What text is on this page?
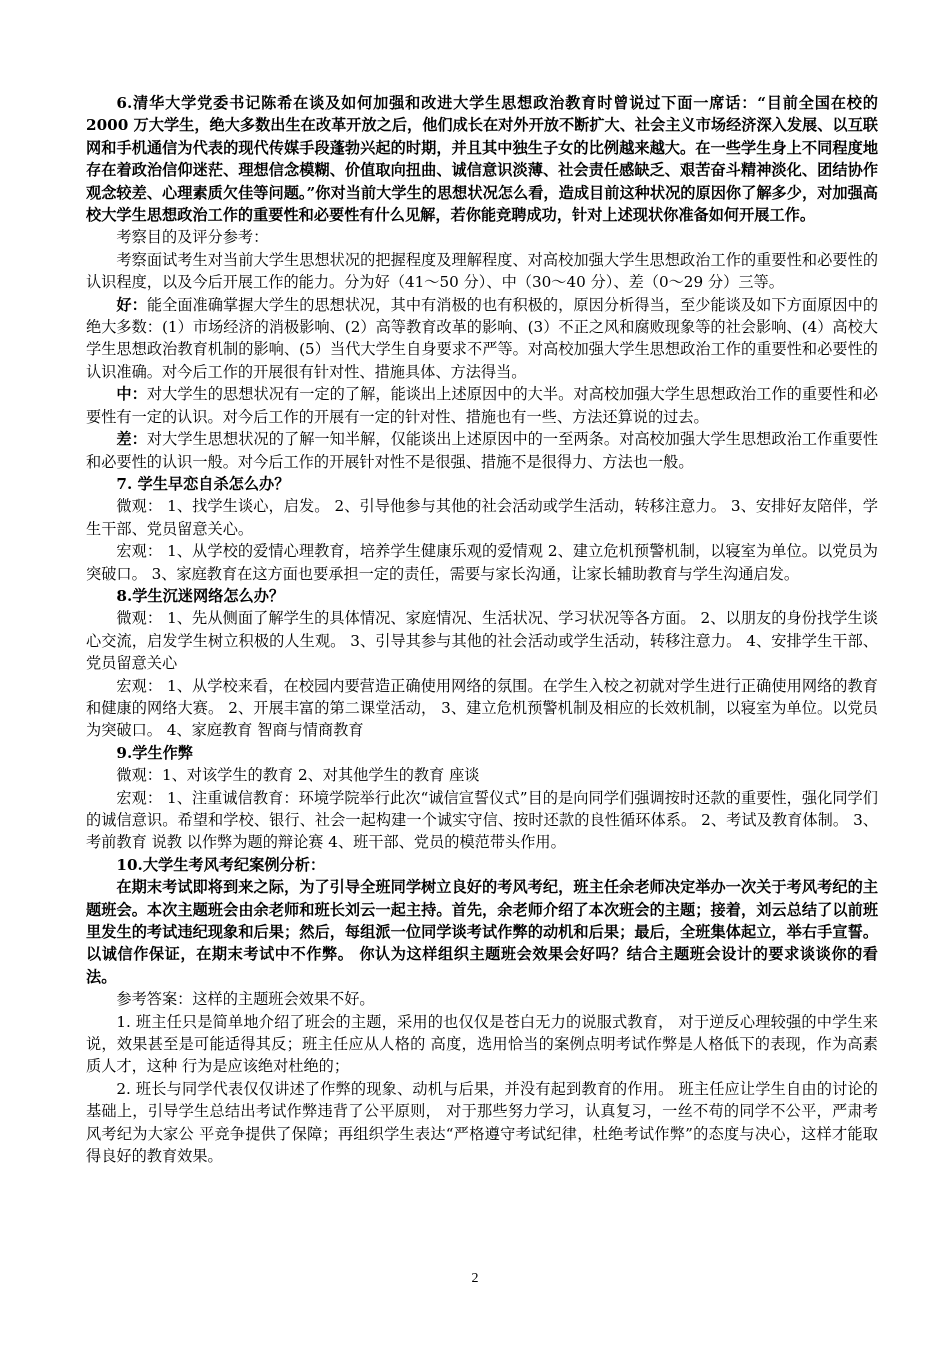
6.清华大学党委书记陈希在谈及如何加强和改进大学生思想政治教育时曾说过下面一席话：“目前全国在校的 2000 万大学生，绝大多数出生在改革开放之后，他们成长在对外开放不断扩大、社会主义市场经济深入发展、以互联网和手机通信为代表的现代传媒手段蓬勃兴起的时期，并且其中独生子女的比例越来越大。在一些学生身上不同程度地存在着政治信仰迷茫、理想信念模糊、价值取向扭曲、诚信意识淡薄、社会责任感缺乏、艰苦奋斗精神淡化、团结协作观念较差、心理素质欠佳等问题。”你对当前大学生的思想状况怎么看，造成目前这种状况的原因你了解多少，对加强高校大学生思想政治工作的重要性和必要性有什么见解，若你能竞聘成功，针对上述现状你准备如何开展工作。

考察目的及评分参考：

考察面试考生对当前大学生思想状况的把握程度及理解程度、对高校加强大学生思想政治工作的重要性和必要性的认识程度，以及今后开展工作的能力。分为好（41～50 分）、中（30～40 分）、差（0～29 分）三等。

好：能全面准确掌握大学生的思想状况，其中有消极的也有积极的，原因分析得当，至少能谈及如下方面原因中的绝大多数：(1）市场经济的消极影响、(2）高等教育改革的影响、(3）不正之风和腐败现象等的社会影响、(4）高校大学生思想政治教育机制的影响、(5）当代大学生自身要求不严等。对高校加强大学生思想政治工作的重要性和必要性的认识准确。对今后工作的开展很有针对性、措施具体、方法得当。

中：对大学生的思想状况有一定的了解，能谈出上述原因中的大半。对高校加强大学生思想政治工作的重要性和必要性有一定的认识。对今后工作的开展有一定的针对性、措施也有一些、方法还算说的过去。

差：对大学生思想状况的了解一知半解，仅能谈出上述原因中的一至两条。对高校加强大学生思想政治工作重要性和必要性的认识一般。对今后工作的开展针对性不是很强、措施不是很得力、方法也一般。

7. 学生早恋自杀怎么办？

微观： 1、找学生谈心，启发。 2、引导他参与其他的社会活动或学生活动，转移注意力。 3、安排好友陪伴，学生干部、党员留意关心。

宏观： 1、从学校的爱情心理教育，培养学生健康乐观的爱情观 2、建立危机预警机制，以寝室为单位。以党员为突破口。 3、家庭教育在这方面也要承担一定的责任，需要与家长沟通，让家长辅助教育与学生沟通启发。

8.学生沉迷网络怎么办？

微观： 1、先从侧面了解学生的具体情况、家庭情况、生活状况、学习状况等各方面。 2、以朋友的身份找学生谈心交流，启发学生树立积极的人生观。 3、引导其参与其他的社会活动或学生活动，转移注意力。 4、安排学生干部、党员留意关心

宏观： 1、从学校来看，在校园内要营造正确使用网络的氛围。在学生入校之初就对学生进行正确使用网络的教育和健康的网络大赛。 2、开展丰富的第二课堂活动， 3、建立危机预警机制及相应的长效机制，以寝室为单位。以党员为突破口。 4、家庭教育 智商与情商教育

9.学生作弊

微观：1、对该学生的教育 2、对其他学生的教育 座谈

宏观： 1、注重诚信教育：环境学院举行此次“诚信宣誓仪式”目的是向同学们强调按时还款的重要性，强化同学们的诚信意识。希望和学校、银行、社会一起构建一个诚实守信、按时还款的良性循环体系。 2、考试及教育体制。 3、考前教育 说教 以作弊为题的辩论赛 4、班干部、党员的模范带头作用。

10.大学生考风考纪案例分析：

在期末考试即将到来之际，为了引导全班同学树立良好的考风考纪，班主任余老师决定举办一次关于考风考纪的主题班会。本次主题班会由余老师和班长刘云一起主持。首先，余老师介绍了本次班会的主题；接着，刘云总结了以前班里发生的考试违纪现象和后果；然后，每组派一位同学谈考试作弊的动机和后果；最后，全班集体起立，举右手宣誓。以诚信作保证，在期末考试中不作弊。 你认为这样组织主题班会效果会好吗？结合主题班会设计的要求谈谈你的看法。

参考答案：这样的主题班会效果不好。

1. 班主任只是简单地介绍了班会的主题，采用的也仅仅是苍白无力的说服式教育， 对于逆反心理较强的中学生来说，效果甚至是可能适得其反；班主任应从人格的 高度，选用恰当的案例点明考试作弊是人格低下的表现，作为高素质人才，这种 行为是应该绝对杜绝的；

2. 班长与同学代表仅仅讲述了作弊的现象、动机与后果，并没有起到教育的作用。 班主任应让学生自由的讨论的基础上，引导学生总结出考试作弊违背了公平原则， 对于那些努力学习，认真复习，一丝不苟的同学不公平，严肃考风考纪为大家公 平竞争提供了保障；再组织学生表达“严格遵守考试纪律，杜绝考试作弊”的态度与决心，这样才能取得良好的教育效果。

2
